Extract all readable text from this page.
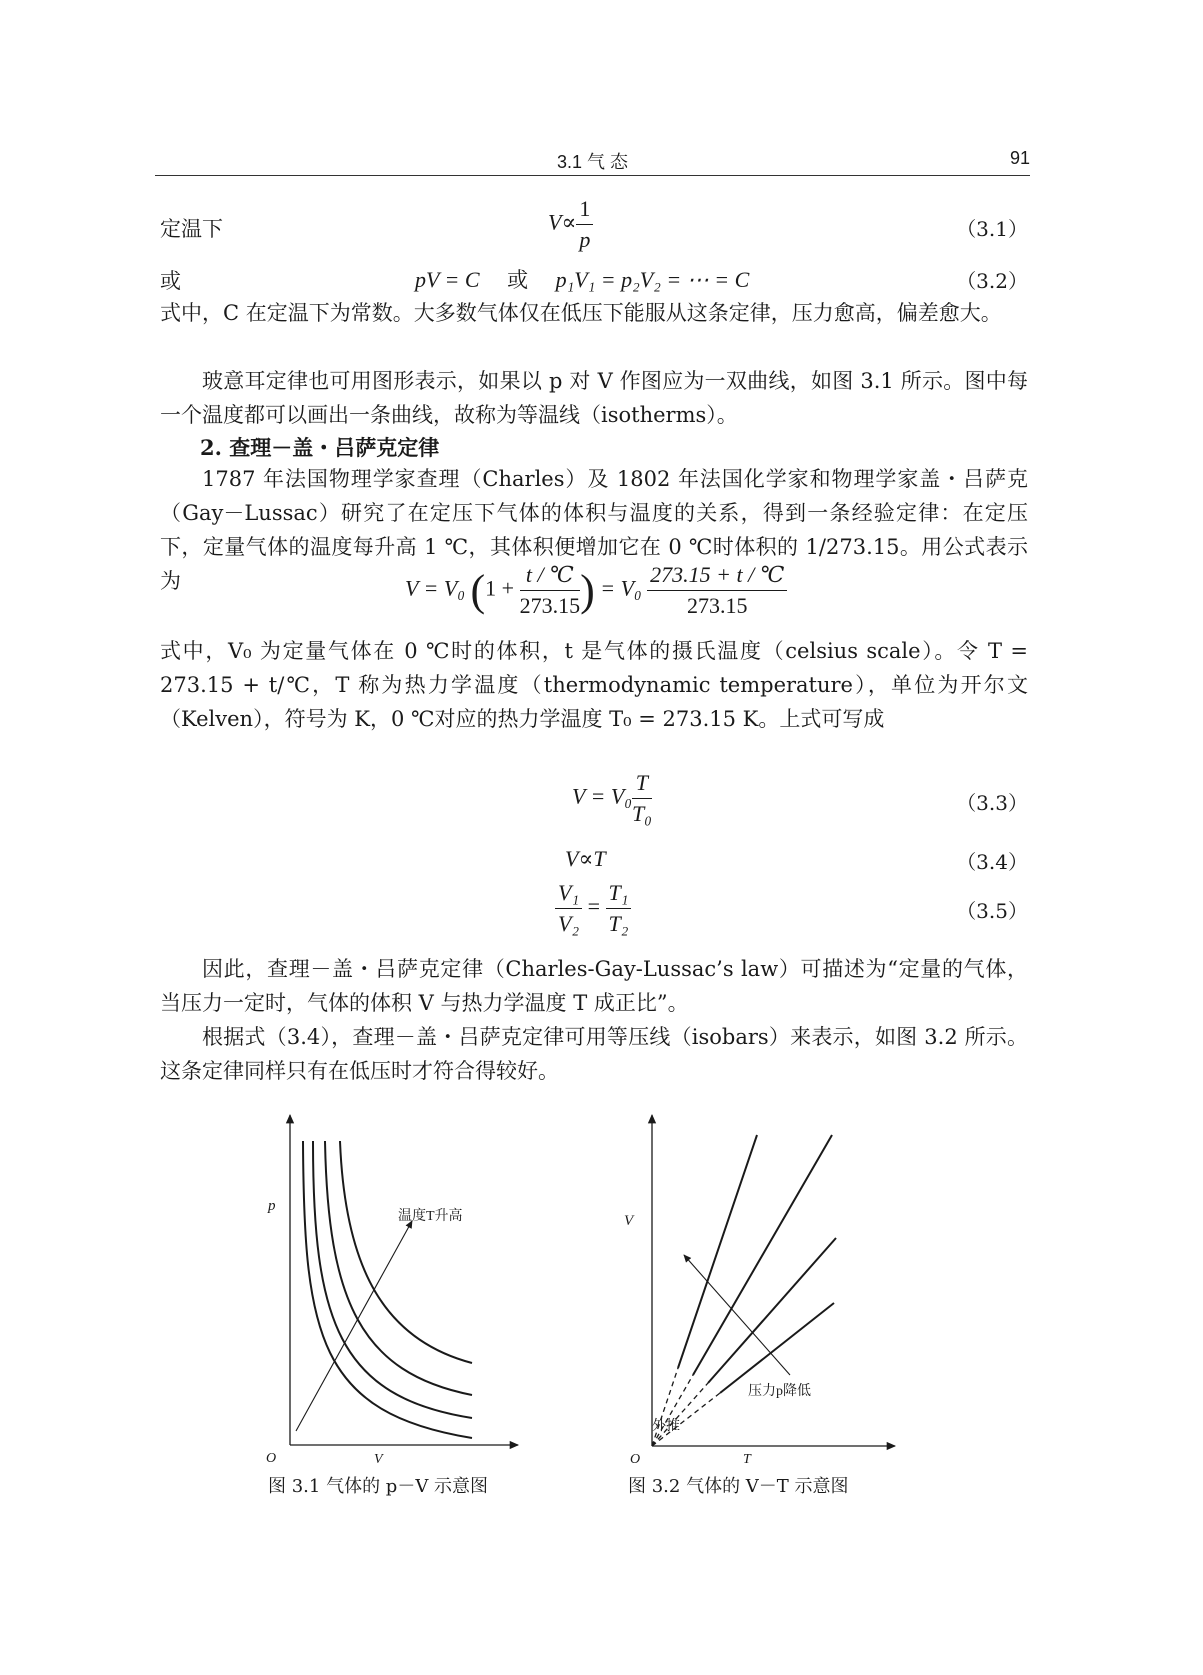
3.1 气 态	91
定温下	$V\propto \frac{1}{p}$	（3.1）
或	pV = C 或 p₁V₁ = p₂V₂ = ⋯ = C	（3.2）
式中，C 在定温下为常数。大多数气体仅在低压下能服从这条定律，压力愈高，偏差愈大。
玻意耳定律也可用图形表示，如果以 p 对 V 作图应为一双曲线，如图 3.1 所示。图中每一个温度都可以画出一条曲线，故称为等温线（isotherms）。
2. 查理－盖・吕萨克定律
1787 年法国物理学家查理（Charles）及 1802 年法国化学家和物理学家盖・吕萨克（Gay－Lussac）研究了在定压下气体的体积与温度的关系，得到一条经验定律：在定压下，定量气体的温度每升高 1 ℃，其体积便增加它在 0 ℃时体积的 1/273.15。用公式表示为	V = V₀ ($1 + \frac{t / ℃}{273.15}$ ) = $V_0 \frac{273.15 + t / ℃}{273.15}$
式中，V₀ 为定量气体在 0 ℃时的体积，t 是气体的摄氏温度（celsius scale）。令 T = 273.15 + t/℃，T 称为热力学温度（thermodynamic temperature），单位为开尔文（Kelven），符号为 K，0 ℃对应的热力学温度 T₀ = 273.15 K。上式可写成
$V = V_0 \frac{T}{\text{T₀}}$	（3.3）
V∝T	（3.4）
$\frac{\text{V₁}}{\text{V₂}} = \frac{\text{T₁}}{\text{T₂}}$	（3.5）
因此，查理－盖・吕萨克定律（Charles-Gay-Lussac’s law）可描述为“定量的气体，当压力一定时，气体的体积 V 与热力学温度 T 成正比”。
根据式（3.4），查理－盖・吕萨克定律可用等压线（isobars）来表示，如图 3.2 所示。这条定律同样只有在低压时才符合得较好。
温度T升高
p
V
O
图 3.1 气体的 p－V 示意图
压力p降低
外推
V
T
O
图 3.2 气体的 V－T 示意图
